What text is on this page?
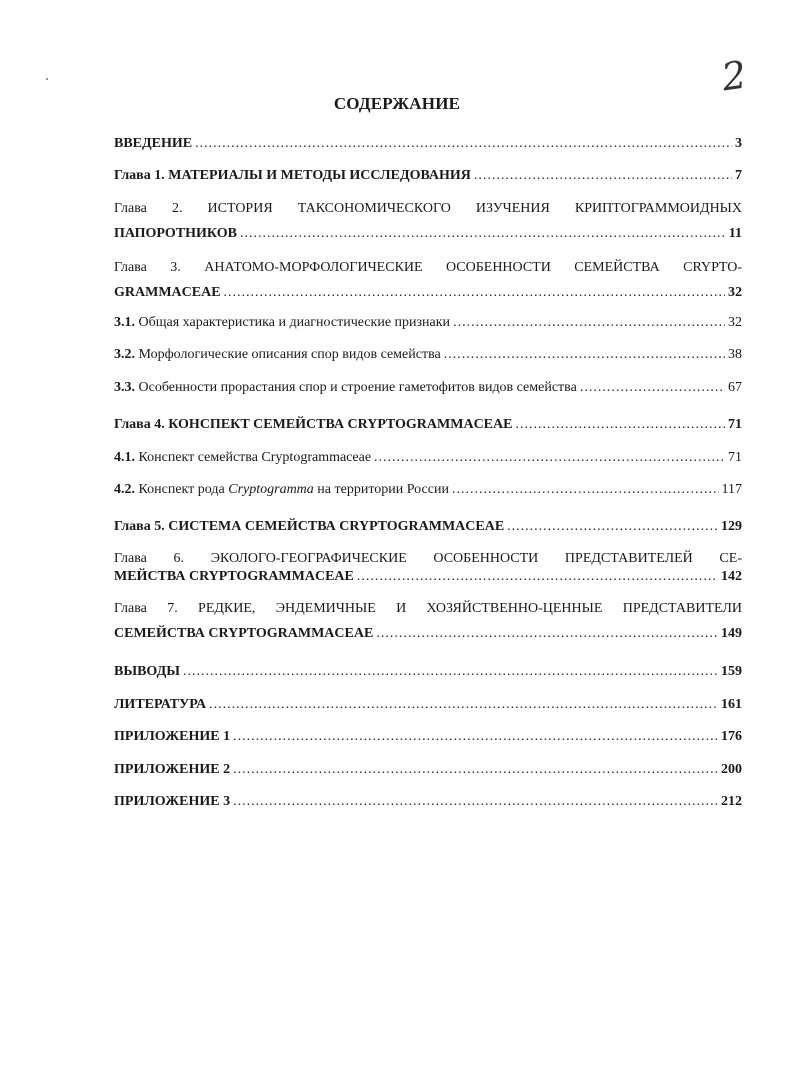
2
СОДЕРЖАНИЕ
ВВЕДЕНИЕ .....	3
Глава 1. МАТЕРИАЛЫ И МЕТОДЫ ИССЛЕДОВАНИЯ .....	7
Глава 2. ИСТОРИЯ ТАКСОНОМИЧЕСКОГО ИЗУЧЕНИЯ КРИПТОГРАММОИДНЫХ
ПАПОРОТНИКОВ .....	11
Глава 3. АНАТОМО-МОРФОЛОГИЧЕСКИЕ ОСОБЕННОСТИ СЕМЕЙСТВА CRYPTO-
GRAMMACEAE .....	32
3.1. Общая характеристика и диагностические признаки .....	32
3.2. Морфологические описания спор видов семейства .....	38
3.3. Особенности прорастания спор и строение гаметофитов видов семейства .....	67
Глава 4. КОНСПЕКТ СЕМЕЙСТВА CRYPTOGRAMMACEAE .....	71
4.1. Конспект семейства Cryptogrammaceae .....	71
4.2. Конспект рода Cryptogramma на территории России .....	117
Глава 5. СИСТЕМА СЕМЕЙСТВА CRYPTOGRAMMACEAE .....	129
Глава 6. ЭКОЛОГО-ГЕОГРАФИЧЕСКИЕ ОСОБЕННОСТИ ПРЕДСТАВИТЕЛЕЙ СЕ-
МЕЙСТВА CRYPTOGRAMMACEAE .....	142
Глава 7. РЕДКИЕ, ЭНДЕМИЧНЫЕ И ХОЗЯЙСТВЕННО-ЦЕННЫЕ ПРЕДСТАВИТЕЛИ
СЕМЕЙСТВА CRYPTOGRAMMACEAE .....	149
ВЫВОДЫ .....	159
ЛИТЕРАТУРА .....	161
ПРИЛОЖЕНИЕ 1 .....	176
ПРИЛОЖЕНИЕ 2 .....	200
ПРИЛОЖЕНИЕ 3 .....	212
